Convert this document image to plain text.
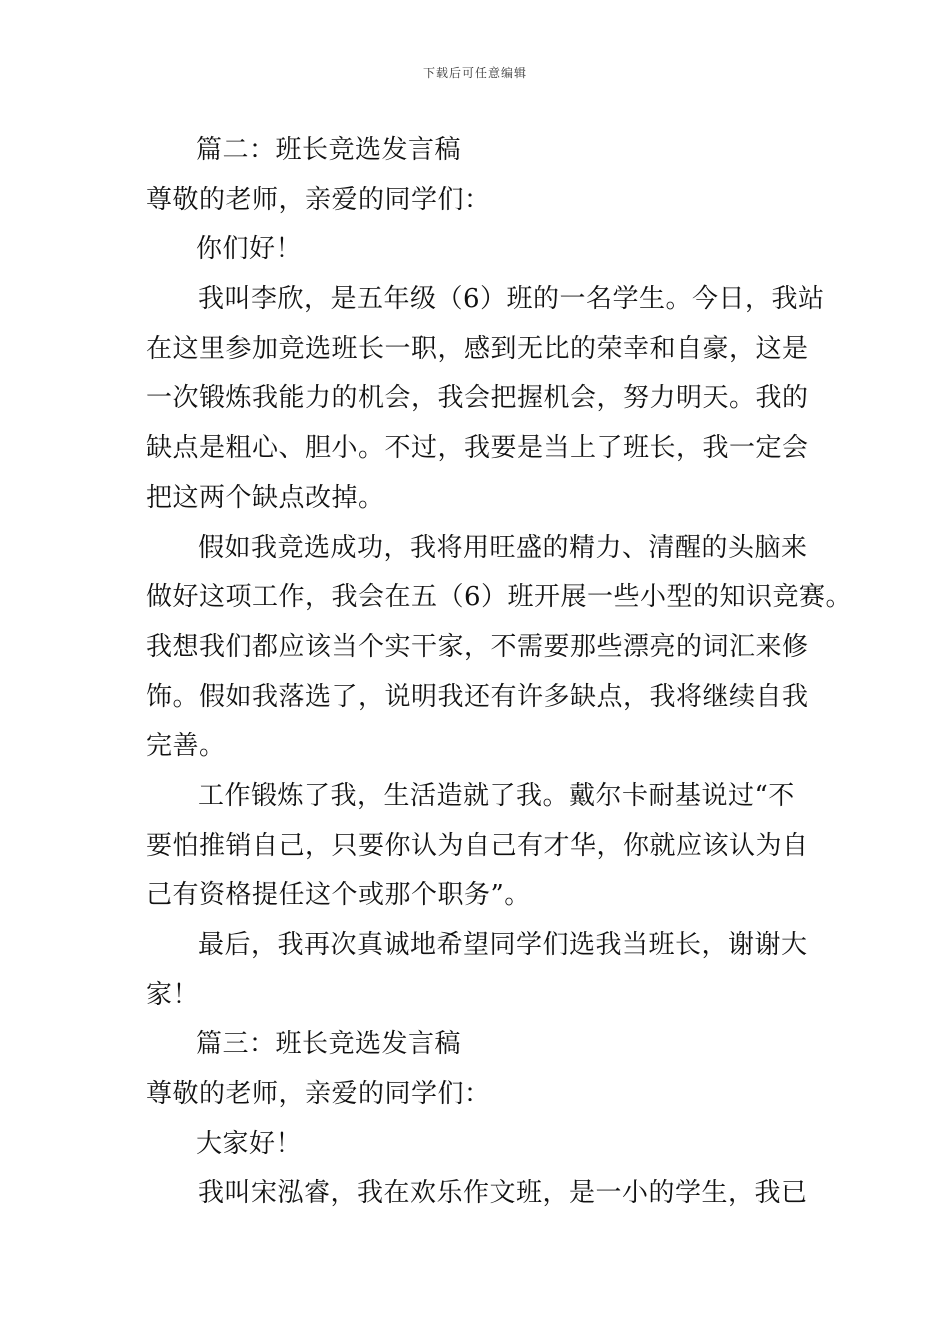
下载后可任意编辑
篇二：班长竞选发言稿
尊敬的老师，亲爱的同学们：
你们好！
我叫李欣，是五年级（6）班的一名学生。今日，我站
在这里参加竞选班长一职，感到无比的荣幸和自豪，这是
一次锻炼我能力的机会，我会把握机会，努力明天。我的
缺点是粗心、胆小。不过，我要是当上了班长，我一定会
把这两个缺点改掉。
假如我竞选成功，我将用旺盛的精力、清醒的头脑来
做好这项工作，我会在五（6）班开展一些小型的知识竞赛。
我想我们都应该当个实干家，不需要那些漂亮的词汇来修
饰。假如我落选了，说明我还有许多缺点，我将继续自我
完善。
工作锻炼了我，生活造就了我。戴尔卡耐基说过“不
要怕推销自己，只要你认为自己有才华，你就应该认为自
己有资格提任这个或那个职务”。
最后，我再次真诚地希望同学们选我当班长，谢谢大
家！
篇三：班长竞选发言稿
尊敬的老师，亲爱的同学们：
大家好！
我叫宋泓睿，我在欢乐作文班，是一小的学生，我已
